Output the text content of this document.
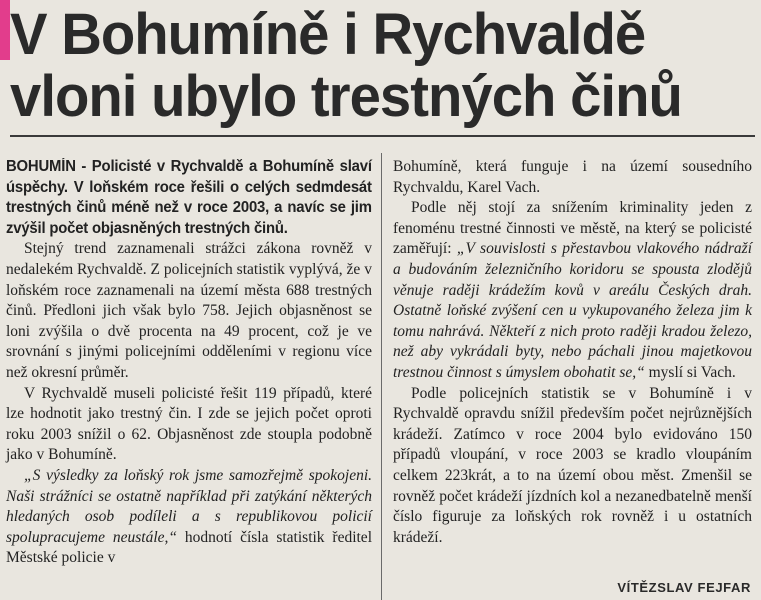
V Bohumíně i Rychvaldě
vloni ubylo trestných činů

BOHUMÍN - Policisté v Rychvaldě a Bohumíně slaví úspěchy. V loňském roce řešili o celých sedmdesát trestných činů méně než v roce 2003, a navíc se jim zvýšil počet objasněných trestných činů.

Stejný trend zaznamenali strážci zákona rovněž v nedalekém Rychvaldě. Z policejních statistik vyplývá, že v loňském roce zaznamenali na území města 688 trestných činů. Předloni jich však bylo 758. Jejich objasněnost se loni zvýšila o dvě procenta na 49 procent, což je ve srovnání s jinými policejními odděleními v regionu více než okresní průměr.

V Rychvaldě museli policisté řešit 119 případů, které lze hodnotit jako trestný čin. I zde se jejich počet oproti roku 2003 snížil o 62. Objasněnost zde stoupla podobně jako v Bohumíně.

„S výsledky za loňský rok jsme samozřejmě spokojeni. Naši strážníci se ostatně například při zatýkání některých hledaných osob podíleli a s republikovou policií spolupracujeme neustále,“ hodnotí čísla statistik ředitel Městské policie v

Bohumíně, která funguje i na území sousedního Rychvaldu, Karel Vach.

Podle něj stojí za snížením kriminality jeden z fenoménu trestné činnosti ve městě, na který se policisté zaměřují: „V souvislosti s přestavbou vlakového nádraží a budováním železničního koridoru se spousta zlodějů věnuje raději krádežím kovů v areálu Českých drah. Ostatně loňské zvýšení cen u vykupovaného železa jim k tomu nahrává. Někteří z nich proto raději kradou železo, než aby vykrádali byty, nebo páchali jinou majetkovou trestnou činnost s úmyslem obohatit se,“ myslí si Vach.

Podle policejních statistik se v Bohumíně i v Rychvaldě opravdu snížil především počet nejrůznějších krádeží. Zatímco v roce 2004 bylo evidováno 150 případů vloupání, v roce 2003 se kradlo vloupáním celkem 223krát, a to na území obou měst. Zmenšil se rovněž počet krádeží jízdních kol a nezanedbatelně menší číslo figuruje za loňských rok rovněž i u ostatních krádeží.

VÍTĚZSLAV FEJFAR
